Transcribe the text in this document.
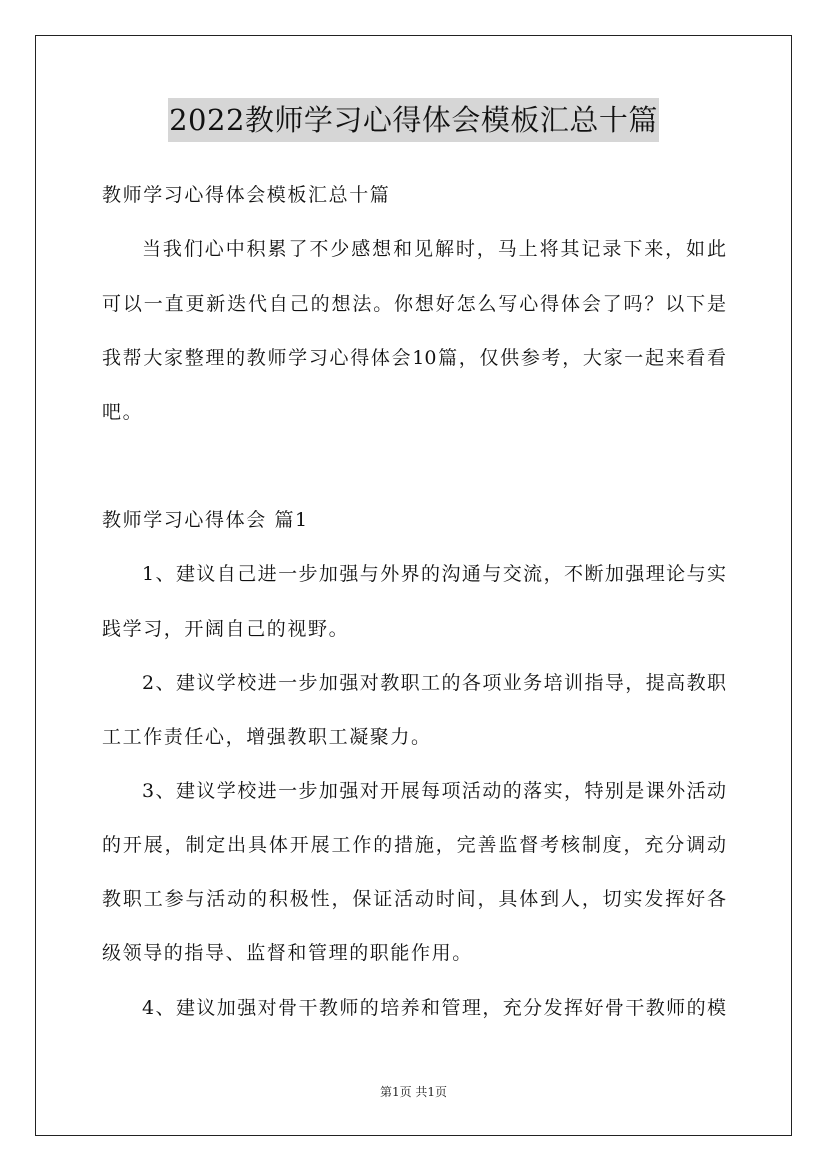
2022教师学习心得体会模板汇总十篇
教师学习心得体会模板汇总十篇
当我们心中积累了不少感想和见解时，马上将其记录下来，如此
可以一直更新迭代自己的想法。你想好怎么写心得体会了吗？以下是
我帮大家整理的教师学习心得体会10篇，仅供参考，大家一起来看看
吧。
教师学习心得体会 篇1
1、建议自己进一步加强与外界的沟通与交流，不断加强理论与实
践学习，开阔自己的视野。
2、建议学校进一步加强对教职工的各项业务培训指导，提高教职
工工作责任心，增强教职工凝聚力。
3、建议学校进一步加强对开展每项活动的落实，特别是课外活动
的开展，制定出具体开展工作的措施，完善监督考核制度，充分调动
教职工参与活动的积极性，保证活动时间，具体到人，切实发挥好各
级领导的指导、监督和管理的职能作用。
4、建议加强对骨干教师的培养和管理，充分发挥好骨干教师的模
第1页 共1页
